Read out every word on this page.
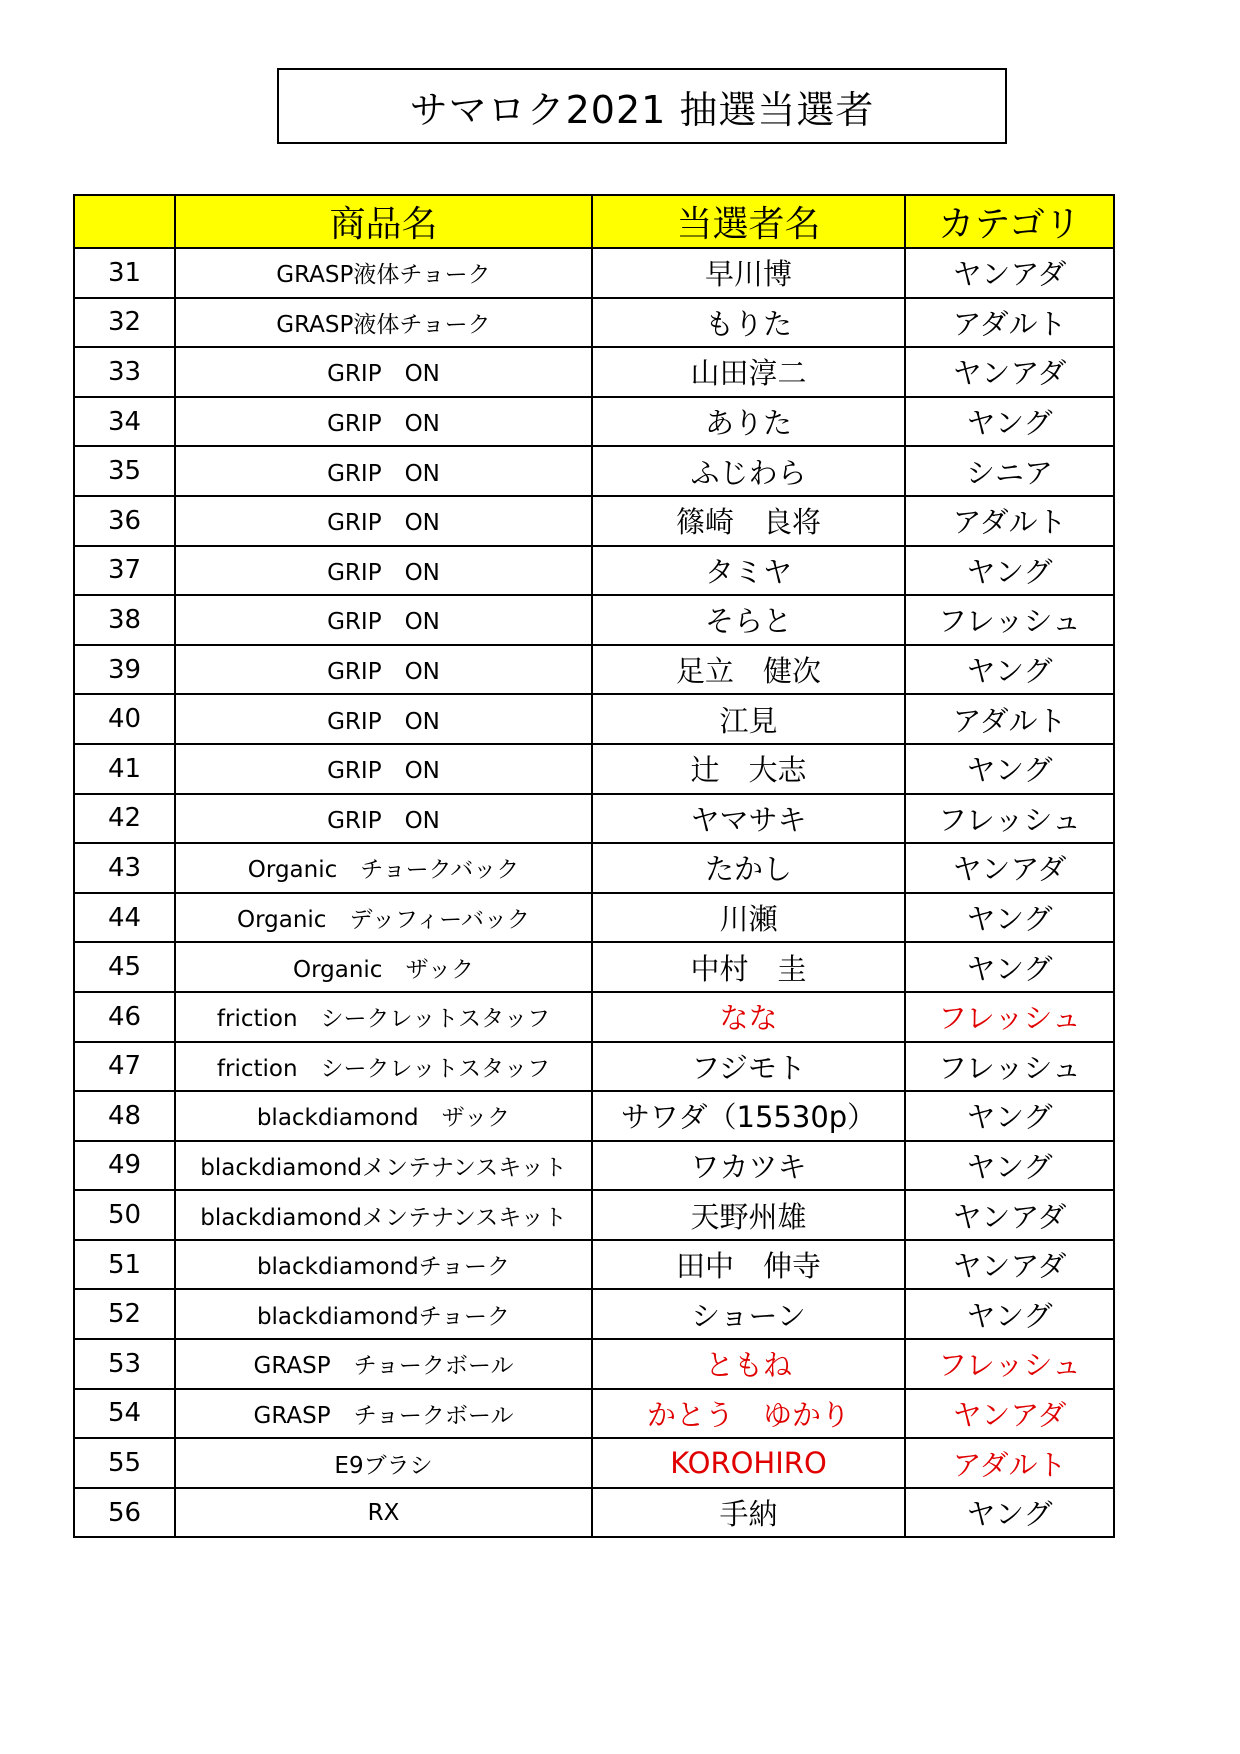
サマロク2021 抽選当選者
	商品名	当選者名	カテゴリ
31	GRASP液体チョーク	早川博	ヤンアダ
32	GRASP液体チョーク	もりた	アダルト
33	GRIP　ON	山田淳二	ヤンアダ
34	GRIP　ON	ありた	ヤング
35	GRIP　ON	ふじわら	シニア
36	GRIP　ON	篠崎　良将	アダルト
37	GRIP　ON	タミヤ	ヤング
38	GRIP　ON	そらと	フレッシュ
39	GRIP　ON	足立　健次	ヤング
40	GRIP　ON	江見	アダルト
41	GRIP　ON	辻　大志	ヤング
42	GRIP　ON	ヤマサキ	フレッシュ
43	Organic　チョークバック	たかし	ヤンアダ
44	Organic　デッフィーバック	川瀬	ヤング
45	Organic　ザック	中村　圭	ヤング
46	friction　シークレットスタッフ	なな	フレッシュ
47	friction　シークレットスタッフ	フジモト	フレッシュ
48	blackdiamond　ザック	サワダ（15530p）	ヤング
49	blackdiamondメンテナンスキット	ワカツキ	ヤング
50	blackdiamondメンテナンスキット	天野州雄	ヤンアダ
51	blackdiamondチョーク	田中　伸寺	ヤンアダ
52	blackdiamondチョーク	ショーン	ヤング
53	GRASP　チョークボール	ともね	フレッシュ
54	GRASP　チョークボール	かとう　ゆかり	ヤンアダ
55	E9ブラシ	KOROHIRO	アダルト
56	RX	手納	ヤング
